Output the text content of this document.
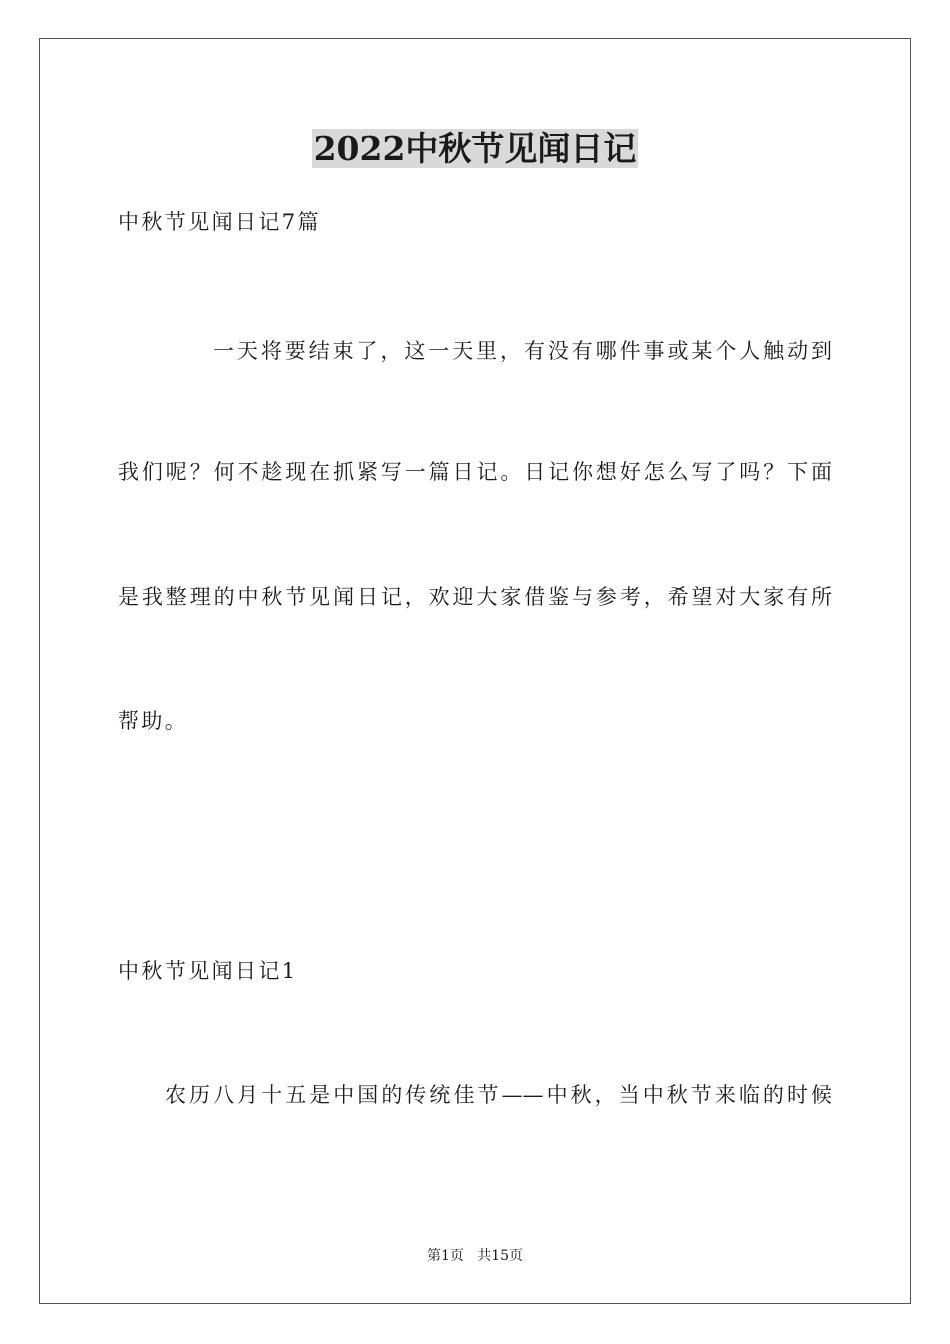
2022中秋节见闻日记
中秋节见闻日记7篇
一天将要结束了，这一天里，有没有哪件事或某个人触动到
我们呢？何不趁现在抓紧写一篇日记。日记你想好怎么写了吗？下面
是我整理的中秋节见闻日记，欢迎大家借鉴与参考，希望对大家有所
帮助。
中秋节见闻日记1
农历八月十五是中国的传统佳节——中秋，当中秋节来临的时候
第1页   共15页
